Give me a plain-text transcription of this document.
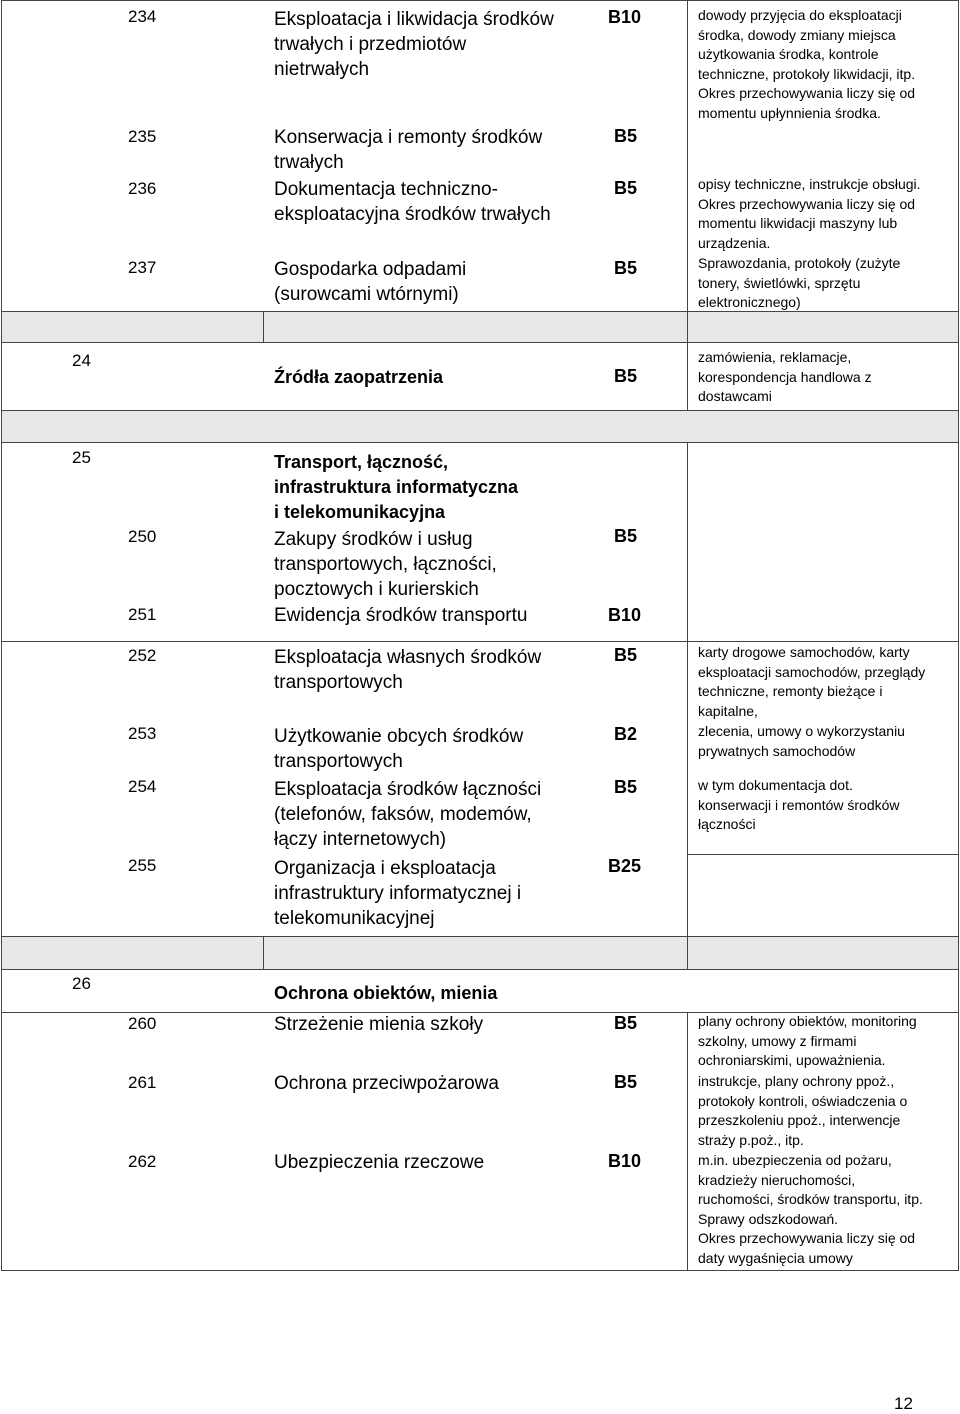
234	Eksploatacja i likwidacja środków
trwałych i przedmiotów
nietrwałych
B10	dowody przyjęcia do eksploatacji
środka, dowody zmiany miejsca
użytkowania środka, kontrole
techniczne, protokoły likwidacji, itp.
Okres przechowywania liczy się od
momentu upłynnienia środka.
235	Konserwacja i remonty środków
trwałych
B5
236	Dokumentacja techniczno-
eksploatacyjna środków trwałych
B5	opisy techniczne, instrukcje obsługi.
Okres przechowywania liczy się od
momentu likwidacji maszyny lub
urządzenia.
237	Gospodarka odpadami
(surowcami wtórnymi)
B5	Sprawozdania, protokoły (zużyte
tonery, świetlówki, sprzętu
elektronicznego)
24
Źródła zaopatrzenia	B5
zamówienia, reklamacje,
korespondencja handlowa z
dostawcami
25	Transport, łączność,
infrastruktura informatyczna
i telekomunikacyjna
250	Zakupy środków i usług
transportowych, łączności,
pocztowych i kurierskich
B5
251	Ewidencja środków transportu	B10
252	Eksploatacja własnych środków
transportowych
B5	karty drogowe samochodów, karty
eksploatacji samochodów, przeglądy
techniczne, remonty bieżące i
kapitalne,
253	Użytkowanie obcych środków
transportowych
B2	zlecenia, umowy o wykorzystaniu
prywatnych samochodów
254	Eksploatacja środków łączności
(telefonów, faksów, modemów,
łączy internetowych)
B5	w tym dokumentacja dot.
konserwacji i remontów środków
łączności
255	Organizacja i eksploatacja
infrastruktury informatycznej i
telekomunikacyjnej
B25
26	Ochrona obiektów, mienia
260	Strzeżenie mienia szkoły	B5	plany ochrony obiektów, monitoring
szkolny, umowy z firmami
ochroniarskimi, upoważnienia.
261	Ochrona przeciwpożarowa	B5	instrukcje, plany ochrony ppoż.,
protokoły kontroli, oświadczenia o
przeszkoleniu ppoż., interwencje
straży p.poż., itp.
262	Ubezpieczenia rzeczowe	B10	m.in. ubezpieczenia od pożaru,
kradzieży nieruchomości,
ruchomości, środków transportu, itp.
Sprawy odszkodowań.
Okres przechowywania liczy się od
daty wygaśnięcia umowy
12
